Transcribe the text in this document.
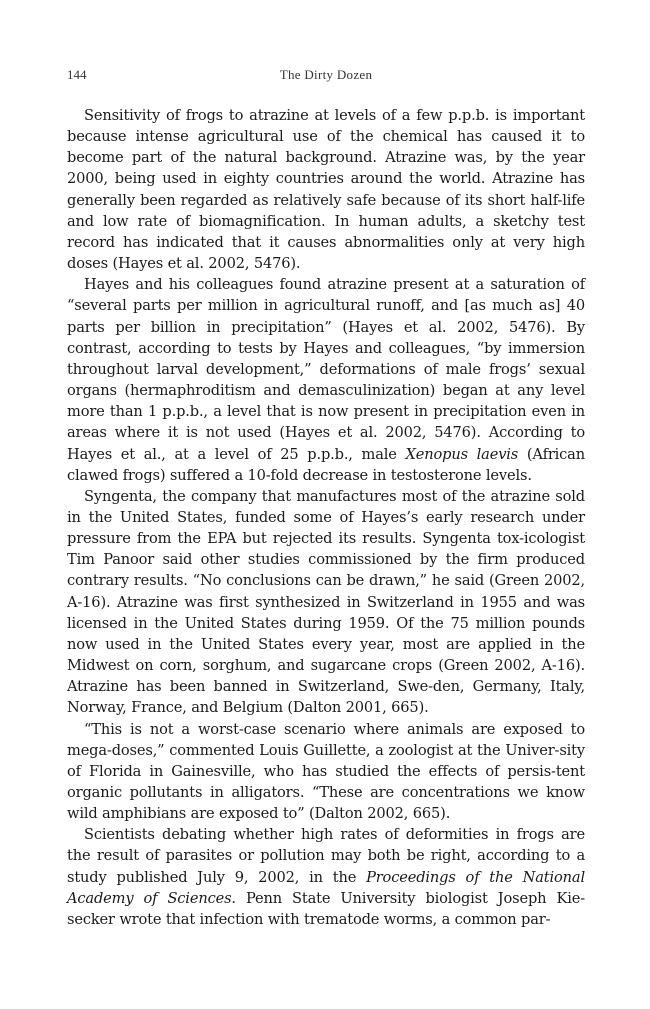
144	The Dirty Dozen

Sensitivity of frogs to atrazine at levels of a few p.p.b. is important because intense agricultural use of the chemical has caused it to become part of the natural background. Atrazine was, by the year 2000, being used in eighty countries around the world. Atrazine has generally been regarded as relatively safe because of its short half-life and low rate of biomagnification. In human adults, a sketchy test record has indicated that it causes abnormalities only at very high doses (Hayes et al. 2002, 5476).

Hayes and his colleagues found atrazine present at a saturation of “several parts per million in agricultural runoff, and [as much as] 40 parts per billion in precipitation” (Hayes et al. 2002, 5476). By contrast, according to tests by Hayes and colleagues, “by immersion throughout larval development,” deformations of male frogs’ sexual organs (hermaphroditism and demasculinization) began at any level more than 1 p.p.b., a level that is now present in precipitation even in areas where it is not used (Hayes et al. 2002, 5476). According to Hayes et al., at a level of 25 p.p.b., male Xenopus laevis (African clawed frogs) suffered a 10-fold decrease in testosterone levels.

Syngenta, the company that manufactures most of the atrazine sold in the United States, funded some of Hayes’s early research under pressure from the EPA but rejected its results. Syngenta tox-icologist Tim Panoor said other studies commissioned by the firm produced contrary results. “No conclusions can be drawn,” he said (Green 2002, A-16). Atrazine was first synthesized in Switzerland in 1955 and was licensed in the United States during 1959. Of the 75 million pounds now used in the United States every year, most are applied in the Midwest on corn, sorghum, and sugarcane crops (Green 2002, A-16). Atrazine has been banned in Switzerland, Swe-den, Germany, Italy, Norway, France, and Belgium (Dalton 2001, 665).

“This is not a worst-case scenario where animals are exposed to mega-doses,” commented Louis Guillette, a zoologist at the Univer-sity of Florida in Gainesville, who has studied the effects of persis-tent organic pollutants in alligators. “These are concentrations we know wild amphibians are exposed to” (Dalton 2002, 665).

Scientists debating whether high rates of deformities in frogs are the result of parasites or pollution may both be right, according to a study published July 9, 2002, in the Proceedings of the National Academy of Sciences. Penn State University biologist Joseph Kie-secker wrote that infection with trematode worms, a common par-
